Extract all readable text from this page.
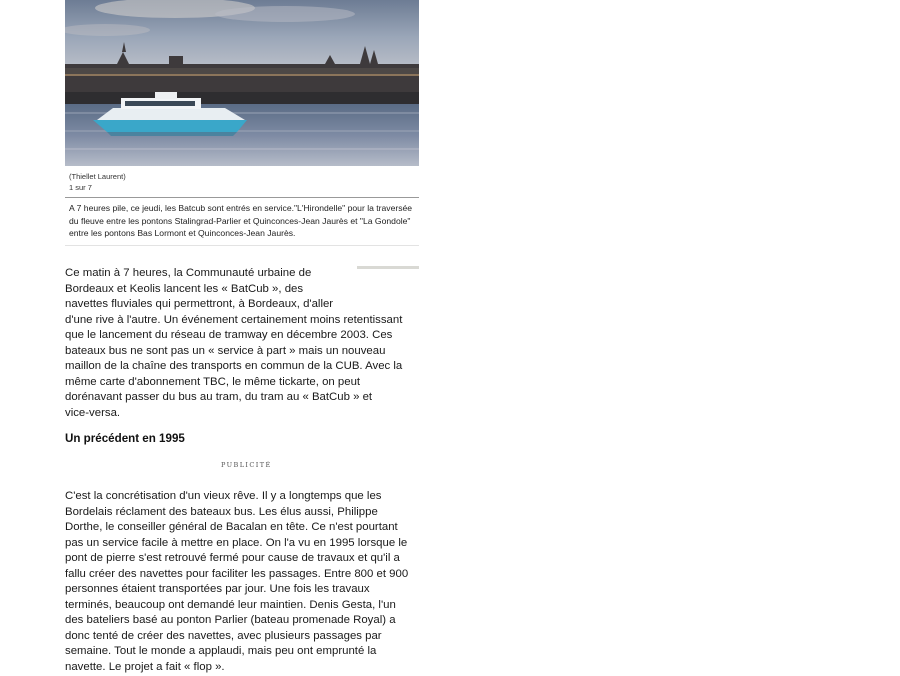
(Thiellet Laurent)
1 sur 7
A 7 heures pile, ce jeudi, les Batcub sont entrés en service."L'Hirondelle" pour la traversée du fleuve entre les pontons Stalingrad-Parlier et Quinconces-Jean Jaurès et "La Gondole" entre les pontons Bas Lormont et Quinconces-Jean Jaurès.

Ce matin à 7 heures, la Communauté urbaine de
Bordeaux et Keolis lancent les « BatCub », des
navettes fluviales qui permettront, à Bordeaux, d'aller
d'une rive à l'autre. Un événement certainement moins retentissant
que le lancement du réseau de tramway en décembre 2003. Ces
bateaux bus ne sont pas un « service à part » mais un nouveau
maillon de la chaîne des transports en commun de la CUB. Avec la
même carte d'abonnement TBC, le même tickarte, on peut
dorénavant passer du bus au tram, du tram au « BatCub » et
vice-versa.

Un précédent en 1995
PUBLICITÉ

C'est la concrétisation d'un vieux rêve. Il y a longtemps que les
Bordelais réclament des bateaux bus. Les élus aussi, Philippe
Dorthe, le conseiller général de Bacalan en tête. Ce n'est pourtant
pas un service facile à mettre en place. On l'a vu en 1995 lorsque le
pont de pierre s'est retrouvé fermé pour cause de travaux et qu'il a
fallu créer des navettes pour faciliter les passages. Entre 800 et 900
personnes étaient transportées par jour. Une fois les travaux
terminés, beaucoup ont demandé leur maintien. Denis Gesta, l'un
des bateliers basé au ponton Parlier (bateau promenade Royal) a
donc tenté de créer des navettes, avec plusieurs passages par
semaine. Tout le monde a applaudi, mais peu ont emprunté la
navette. Le projet a fait « flop ».
